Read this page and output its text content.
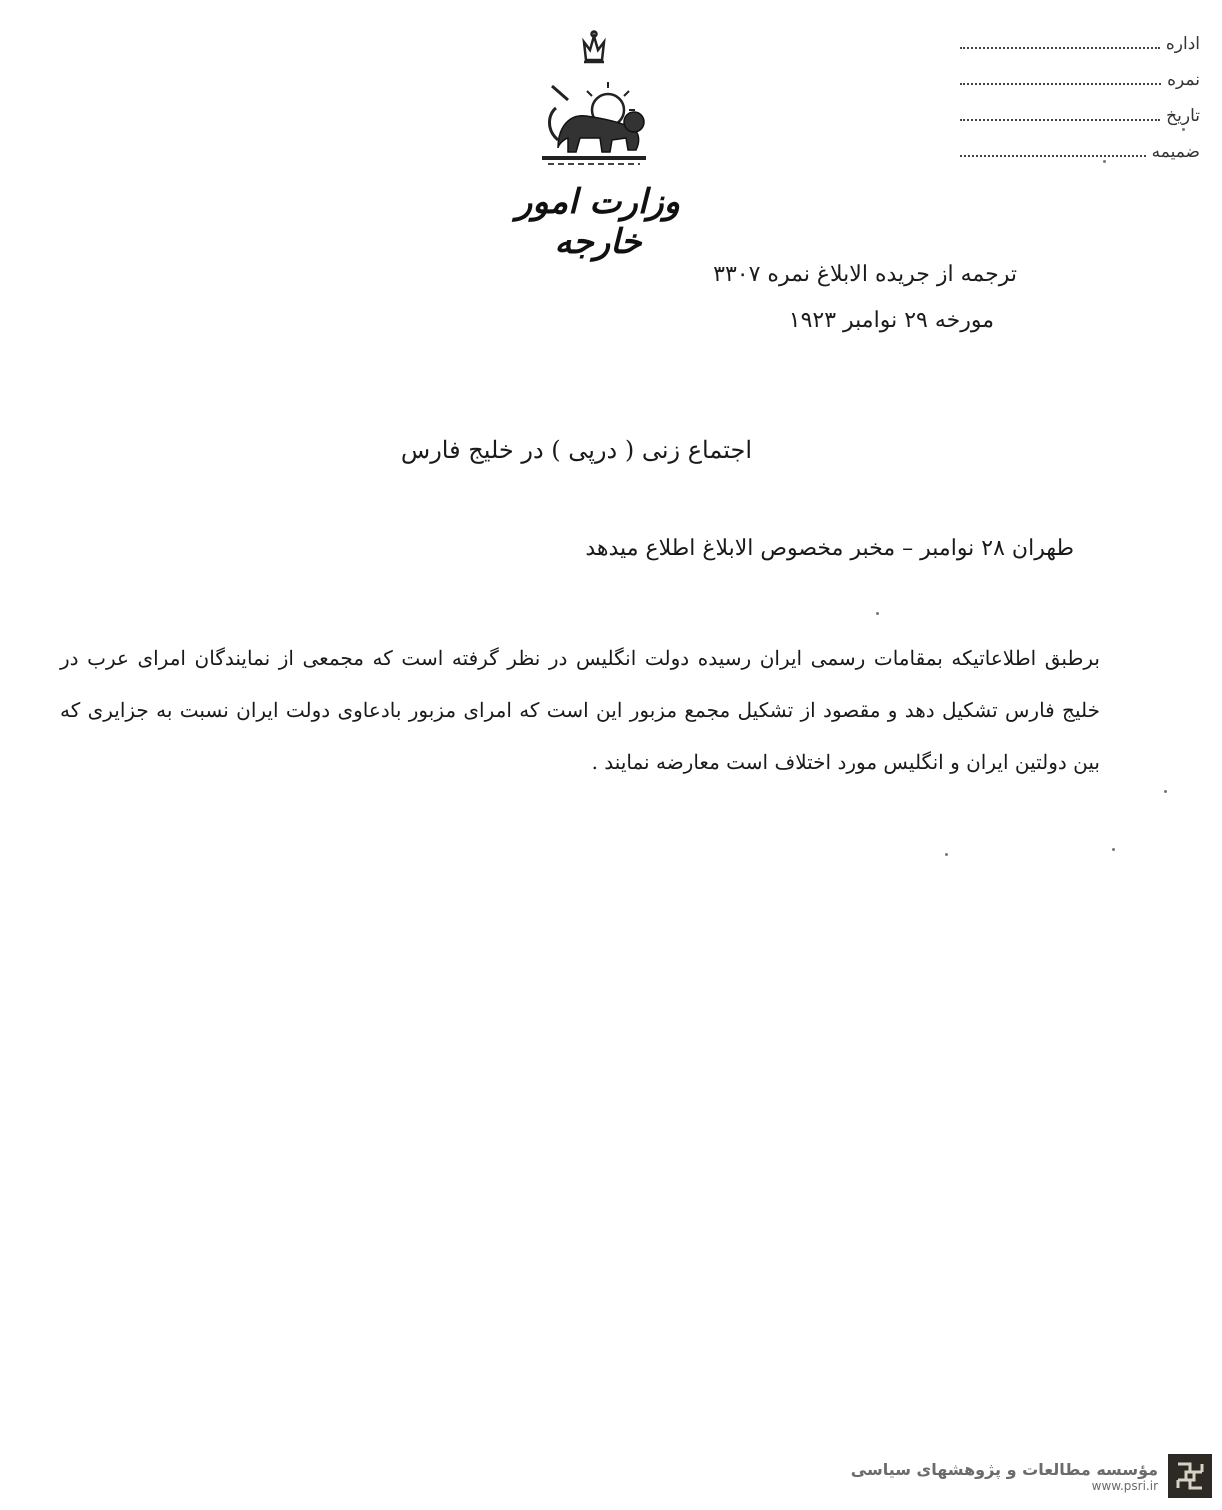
وزارت امور خارجه
اداره
نمره
تاریخ
ضمیمه
ترجمه از جریده الابلاغ نمره ۳۳۰۷
مورخه ۲۹ نوامبر ۱۹۲۳
اجتماع زنی ( درپی ) در خلیج فارس
طهران ۲۸ نوامبر – مخبر مخصوص الابلاغ اطلاع میدهد
برطبق اطلاعاتیکه بمقامات رسمی ایران رسیده دولت انگلیس در نظر گرفته است که مجمعی از نمایندگان امرای عرب در خلیج فارس تشکیل دهد و مقصود از تشکیل مجمع مزبور این است که امرای مزبور بادعاوی دولت ایران نسبت به جزایری که بین دولتین ایران و انگلیس مورد اختلاف است معارضه نمایند .
مؤسسه مطالعات و پژوهشهای سیاسی
www.psri.ir
